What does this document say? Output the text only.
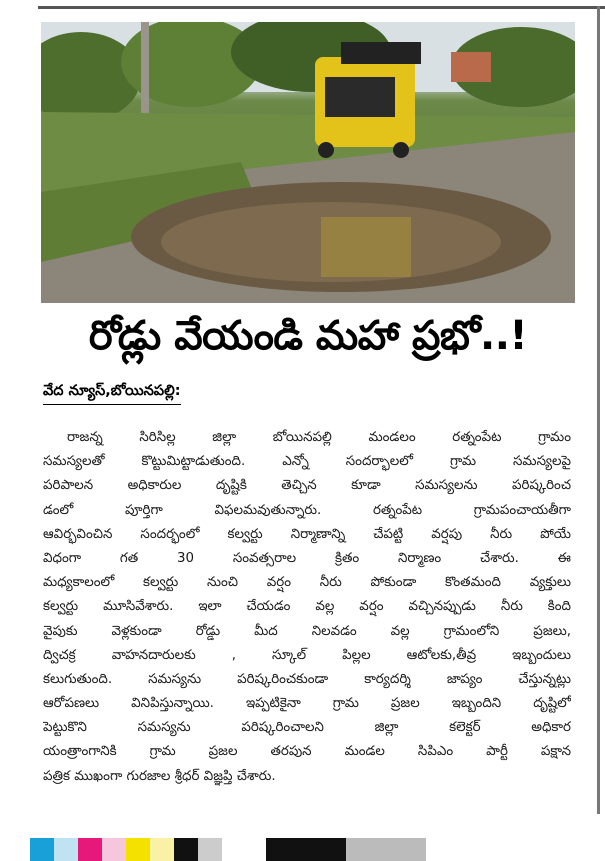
రోడ్లు వేయండి మహా ప్రభో..!
వేద న్యూస్,బోయినపల్లి:
రాజన్న సిరిసిల్ల జిల్లా బోయినపల్లి మండలం రత్నంపేట గ్రామం
సమస్యలతో కొట్టుమిట్టాడుతుంది. ఎన్నో సందర్భాలలో గ్రామ సమస్యలపై
పరిపాలన అధికారుల దృష్టికి తెచ్చిన కూడా సమస్యలను పరిష్కరించ
డంలో పూర్తిగా విఫలమవుతున్నారు. రత్నంపేట గ్రామపంచాయతీగా
ఆవిర్భవించిన సందర్భంలో కల్వర్టు నిర్మాణాన్ని చేపట్టి వర్షపు నీరు పోయే
విధంగా గత 30 సంవత్సరాల క్రితం నిర్మాణం చేశారు. ఈ
మధ్యకాలంలో కల్వర్టు నుంచి వర్షం నీరు పోకుండా కొంతమంది వ్యక్తులు
కల్వర్టు మూసివేశారు. ఇలా చేయడం వల్ల వర్షం వచ్చినప్పుడు నీరు కింది
వైపుకు వెళ్లకుండా రోడ్డు మీద నిలవడం వల్ల గ్రామంలోని ప్రజలు,
ద్విచక్ర వాహనదారులకు , స్కూల్ పిల్లల ఆటోలకు,తీవ్ర ఇబ్బందులు
కలుగుతుంది. సమస్యను పరిష్కరించకుండా కార్యదర్శి జాప్యం చేస్తున్నట్లు
ఆరోపణలు వినిపిస్తున్నాయి. ఇప్పటికైనా గ్రామ ప్రజల ఇబ్బందిని దృష్టిలో
పెట్టుకొని సమస్యను పరిష్కరించాలని జిల్లా కలెక్టర్ అధికార
యంత్రాంగానికి గ్రామ ప్రజల తరపున మండల సిపిఎం పార్టీ పక్షాన
పత్రిక ముఖంగా గురజాల శ్రీధర్ విజ్ఞప్తి చేశారు.
